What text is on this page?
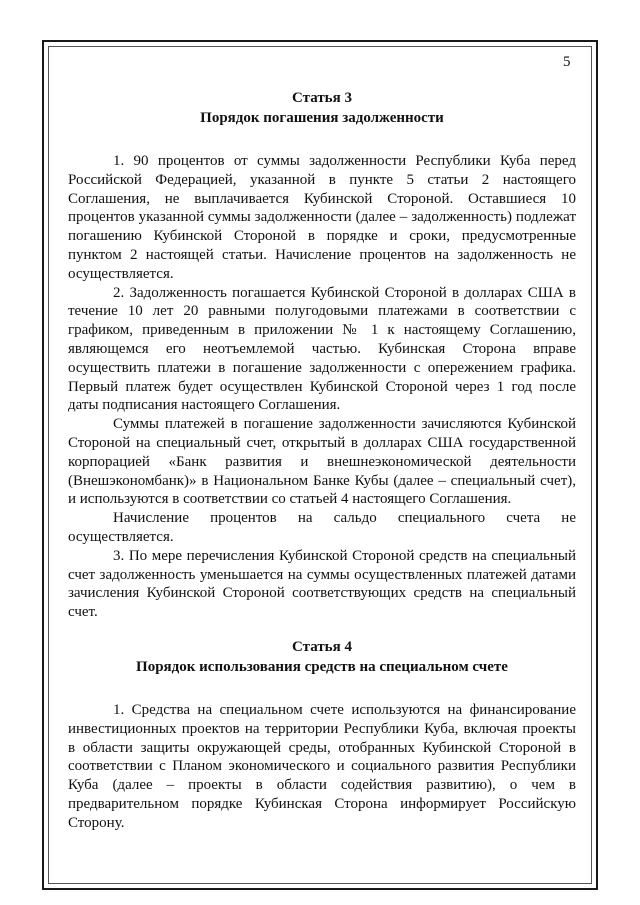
5

Статья 3

Порядок погашения задолженности

1. 90 процентов от суммы задолженности Республики Куба перед Российской Федерацией, указанной в пункте 5 статьи 2 настоящего Соглашения, не выплачивается Кубинской Стороной. Оставшиеся 10 процентов указанной суммы задолженности (далее – задолженность) подлежат погашению Кубинской Стороной в порядке и сроки, предусмотренные пунктом 2 настоящей статьи. Начисление процентов на задолженность не осуществляется.

2. Задолженность погашается Кубинской Стороной в долларах США в течение 10 лет 20 равными полугодовыми платежами в соответствии с графиком, приведенным в приложении № 1 к настоящему Соглашению, являющемся его неотъемлемой частью. Кубинская Сторона вправе осуществить платежи в погашение задолженности с опережением графика. Первый платеж будет осуществлен Кубинской Стороной через 1 год после даты подписания настоящего Соглашения.

Суммы платежей в погашение задолженности зачисляются Кубинской Стороной на специальный счет, открытый в долларах США государственной корпорацией «Банк развития и внешнеэкономической деятельности (Внешэкономбанк)» в Национальном Банке Кубы (далее – специальный счет), и используются в соответствии со статьей 4 настоящего Соглашения.

Начисление процентов на сальдо специального счета не осуществляется.

3. По мере перечисления Кубинской Стороной средств на специальный счет задолженность уменьшается на суммы осуществленных платежей датами зачисления Кубинской Стороной соответствующих средств на специальный счет.

Статья 4

Порядок использования средств на специальном счете

1. Средства на специальном счете используются на финансирование инвестиционных проектов на территории Республики Куба, включая проекты в области защиты окружающей среды, отобранных Кубинской Стороной в соответствии с Планом экономического и социального развития Республики Куба (далее – проекты в области содействия развитию), о чем в предварительном порядке Кубинская Сторона информирует Российскую Сторону.
